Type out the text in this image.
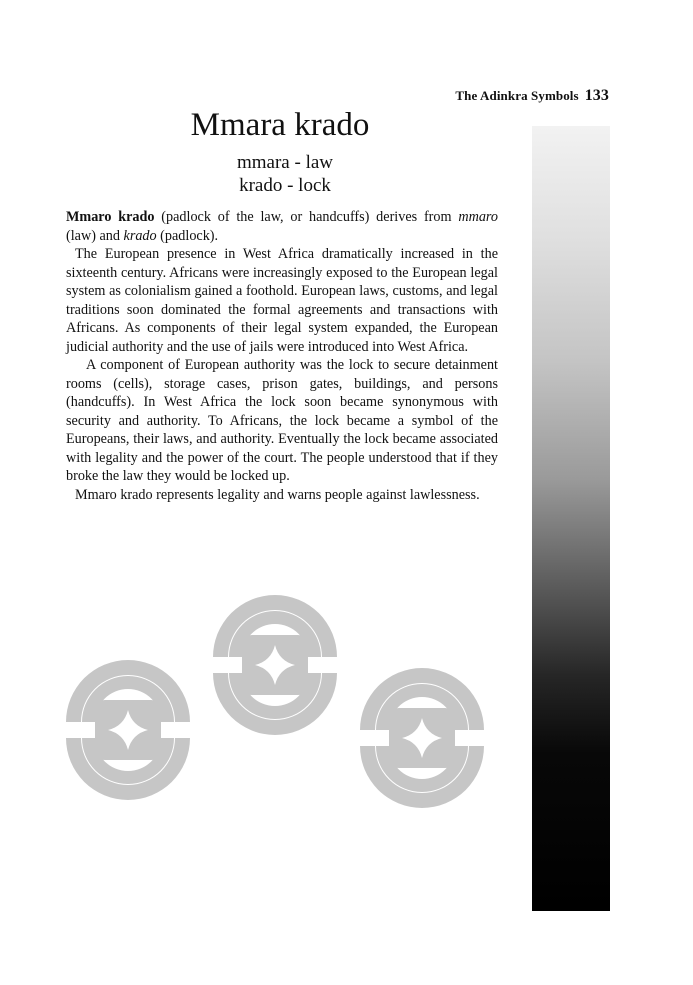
The Adinkra Symbols 133
Mmara krado
mmara - law
krado - lock

Mmaro krado (padlock of the law, or handcuffs) derives from mmaro (law) and krado (padlock).

The European presence in West Africa dramatically increased in the sixteenth century. Africans were increasingly exposed to the European legal system as colonialism gained a foothold. European laws, customs, and legal traditions soon dominated the formal agreements and transactions with Africans. As components of their legal system expanded, the European judicial authority and the use of jails were introduced into West Africa.

A component of European authority was the lock to secure detainment rooms (cells), storage cases, prison gates, buildings, and persons (handcuffs). In West Africa the lock soon became synonymous with security and authority. To Africans, the lock became a symbol of the Europeans, their laws, and authority. Eventually the lock became associated with legality and the power of the court. The people understood that if they broke the law they would be locked up.

Mmaro krado represents legality and warns people against lawlessness.
